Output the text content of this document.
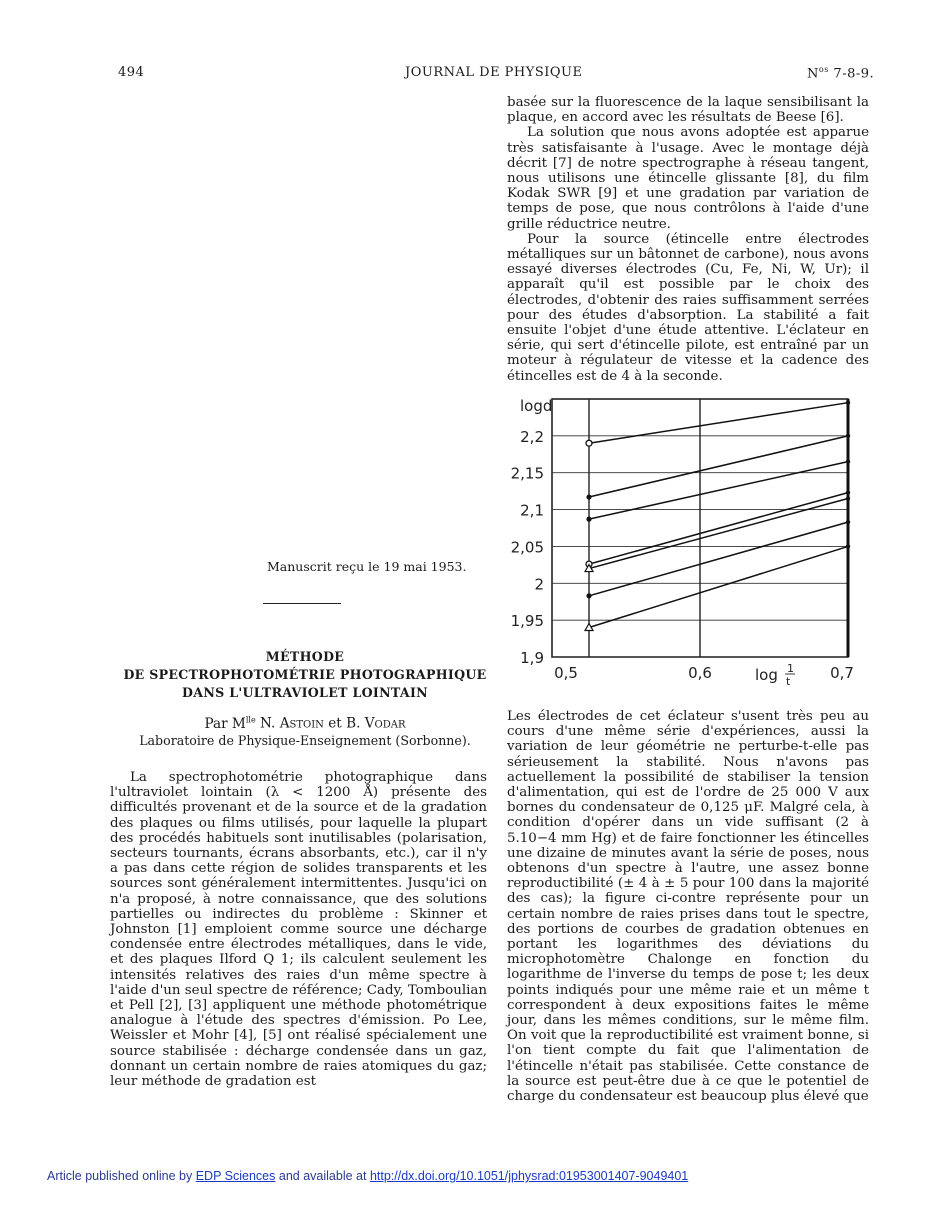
494	JOURNAL DE PHYSIQUE	$N^{os}$ 7-8-9.

basée sur la fluorescence de la laque sensibilisant la plaque, en accord avec les résultats de Beese [6].

La solution que nous avons adoptée est apparue très satisfaisante à l'usage. Avec le montage déjà décrit [7] de notre spectrographe à réseau tangent, nous utilisons une étincelle glissante [8], du film Kodak SWR [9] et une gradation par variation de temps de pose, que nous contrôlons à l'aide d'une grille réductrice neutre.

Pour la source (étincelle entre électrodes métalliques sur un bâtonnet de carbone), nous avons essayé diverses électrodes (Cu, Fe, Ni, W, Ur); il apparaît qu'il est possible par le choix des électrodes, d'obtenir des raies suffisamment serrées pour des études d'absorption. La stabilité a fait ensuite l'objet d'une étude attentive. L'éclateur en série, qui sert d'étincelle pilote, est entraîné par un moteur à régulateur de vitesse et la cadence des étincelles est de 4 à la seconde.

1,9
1,95
2
2,05
2,1
2,15
2,2
logd
0,5	0,6	0,7
log 1
t
Manuscrit reçu le 19 mai 1953.
MÉTHODE
DE SPECTROPHOTOMÉTRIE PHOTOGRAPHIQUE
DANS L'ULTRAVIOLET LOINTAIN
Par $M^{lle}$ N. Astoin et B. Vodar
Laboratoire de Physique-Enseignement (Sorbonne).
La spectrophotométrie photographique dans l'ultraviolet lointain (λ < 1200 Å) présente des difficultés provenant et de la source et de la gradation des plaques ou films utilisés, pour laquelle la plupart des procédés habituels sont inutilisables (polarisation, secteurs tournants, écrans absorbants, etc.), car il n'y a pas dans cette région de solides transparents et les sources sont généralement intermittentes. Jusqu'ici on n'a proposé, à notre connaissance, que des solutions partielles ou indirectes du problème : Skinner et Johnston [1] emploient comme source une décharge condensée entre électrodes métalliques, dans le vide, et des plaques Ilford Q 1; ils calculent seulement les intensités relatives des raies d'un même spectre à l'aide d'un seul spectre de référence; Cady, Tomboulian et Pell [2], [3] appliquent une méthode photométrique analogue à l'étude des spectres d'émission. Po Lee, Weissler et Mohr [4], [5] ont réalisé spécialement une source stabilisée : décharge condensée dans un gaz, donnant un certain nombre de raies atomiques du gaz; leur méthode de gradation est
Les électrodes de cet éclateur s'usent très peu au cours d'une même série d'expériences, aussi la variation de leur géométrie ne perturbe-t-elle pas sérieusement la stabilité. Nous n'avons pas actuellement la possibilité de stabiliser la tension d'alimentation, qui est de l'ordre de 25 000 V aux bornes du condensateur de 0,125 μF. Malgré cela, à condition d'opérer dans un vide suffisant (2 à 5.10−4 mm Hg) et de faire fonctionner les étincelles une dizaine de minutes avant la série de poses, nous obtenons d'un spectre à l'autre, une assez bonne reproductibilité (± 4 à ± 5 pour 100 dans la majorité des cas); la figure ci-contre représente pour un certain nombre de raies prises dans tout le spectre, des portions de courbes de gradation obtenues en portant les logarithmes des déviations du microphotomètre Chalonge en fonction du logarithme de l'inverse du temps de pose t; les deux points indiqués pour une même raie et un même t correspondent à deux expositions faites le même jour, dans les mêmes conditions, sur le même film. On voit que la reproductibilité est vraiment bonne, si l'on tient compte du fait que l'alimentation de l'étincelle n'était pas stabilisée. Cette constance de la source est peut-être due à ce que le potentiel de charge du condensateur est beaucoup plus élevé que
Article published online by EDP Sciences and available at http://dx.doi.org/10.1051/jphysrad:01953001407-9049401
